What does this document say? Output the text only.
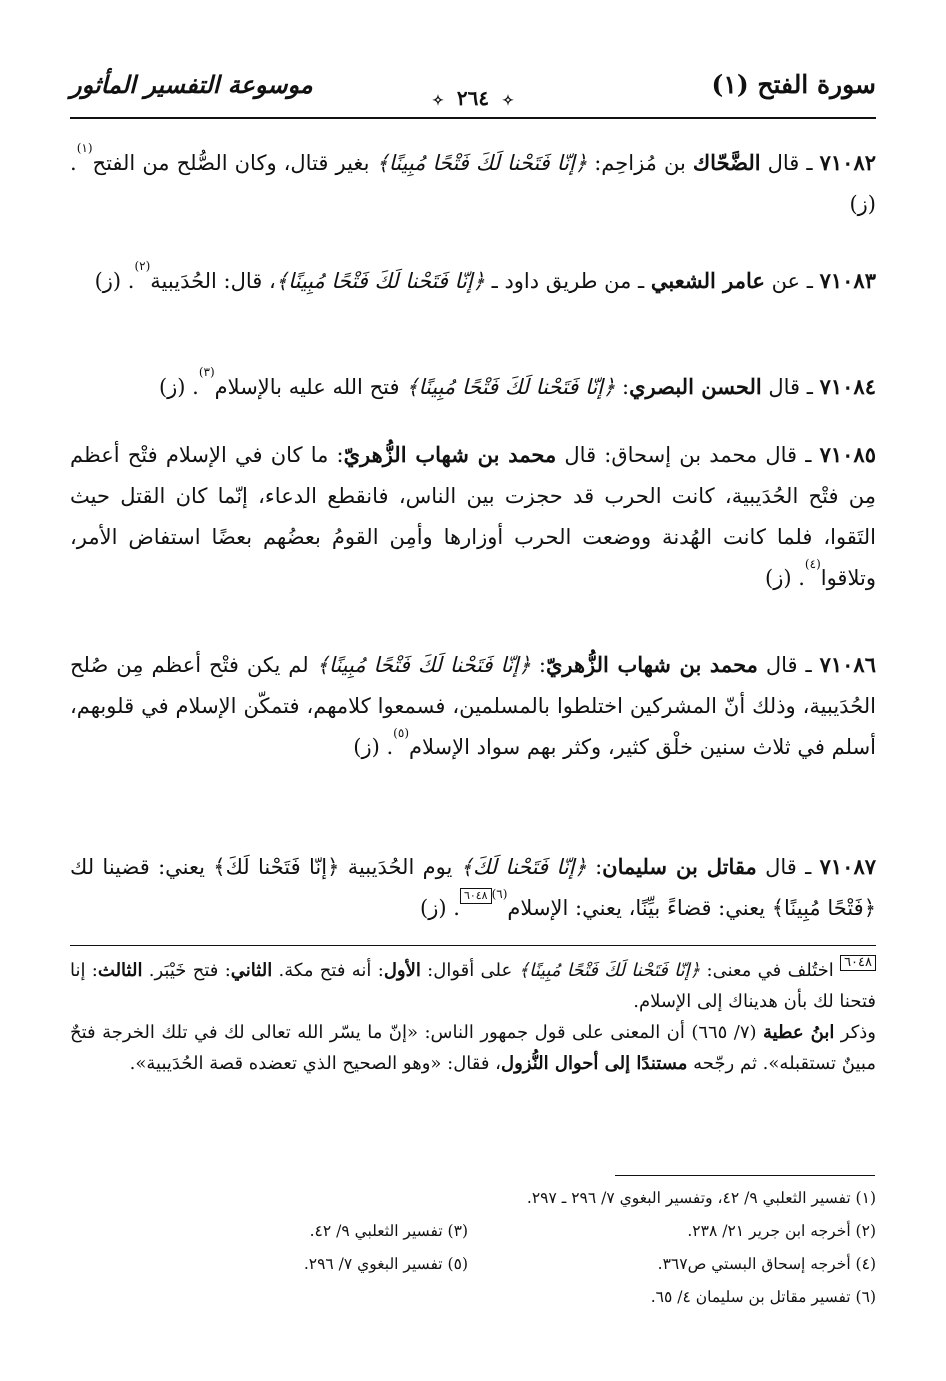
سورة الفتح (١)
✧ ٢٦٤ ✧
موسوعة التفسير المأثور
٧١٠٨٢ ـ قال الضَّحّاك بن مُزاحِم: ﴿إنّا فَتَحْنا لَكَ فَتْحًا مُبِينًا﴾ بغير قتال، وكان الصُّلح من الفتح$^{(١)}$. (ز)
٧١٠٨٣ ـ عن عامر الشعبي ـ من طريق داود ـ ﴿إنّا فَتَحْنا لَكَ فَتْحًا مُبِينًا﴾، قال: الحُدَيبية$^{(٢)}$. (ز)
٧١٠٨٤ ـ قال الحسن البصري: ﴿إنّا فَتَحْنا لَكَ فَتْحًا مُبِينًا﴾ فتح الله عليه بالإسلام$^{(٣)}$. (ز)
٧١٠٨٥ ـ قال محمد بن إسحاق: قال محمد بن شهاب الزُّهريّ: ما كان في الإسلام فتْح أعظم مِن فتْح الحُدَيبية، كانت الحرب قد حجزت بين الناس، فانقطع الدعاء، إنّما كان القتل حيث التَقوا، فلما كانت الهُدنة ووضعت الحرب أوزارها وأمِن القومُ بعضُهم بعضًا استفاض الأمر، وتلاقوا$^{(٤)}$. (ز)
٧١٠٨٦ ـ قال محمد بن شهاب الزُّهريّ: ﴿إنّا فَتَحْنا لَكَ فَتْحًا مُبِينًا﴾ لم يكن فتْح أعظم مِن صُلح الحُدَيبية، وذلك أنّ المشركين اختلطوا بالمسلمين، فسمعوا كلامهم، فتمكّن الإسلام في قلوبهم، أسلم في ثلاث سنين خلْق كثير، وكثر بهم سواد الإسلام$^{(٥)}$. (ز)
٧١٠٨٧ ـ قال مقاتل بن سليمان: ﴿إنّا فَتَحْنا لَكَ﴾ يوم الحُدَيبية ﴿إنّا فَتَحْنا لَكَ﴾ يعني: قضينا لك ﴿فَتْحًا مُبِينًا﴾ يعني: قضاءً بيِّنًا، يعني: الإسلام$^{(٦)}$٦٠٤٨. (ز)
٦٠٤٨ اختُلف في معنى: ﴿إنّا فَتَحْنا لَكَ فَتْحًا مُبِينًا﴾ على أقوال: الأول: أنه فتح مكة. الثاني: فتح خَيْبَر. الثالث: إنا فتحنا لك بأن هديناك إلى الإسلام.
وذكر ابنُ عطية (٧/ ٦٦٥) أن المعنى على قول جمهور الناس: «إنّ ما يسّر الله تعالى لك في تلك الخرجة فتحٌ مبينٌ تستقبله». ثم رجّحه مستندًا إلى أحوال النُّزول، فقال: «وهو الصحيح الذي تعضده قصة الحُدَيبية».
(١) تفسير الثعلبي ٩/ ٤٢، وتفسير البغوي ٧/ ٢٩٦ ـ ٢٩٧.
(٢) أخرجه ابن جرير ٢١/ ٢٣٨.
(٣) تفسير الثعلبي ٩/ ٤٢.
(٤) أخرجه إسحاق البستي ص٣٦٧.
(٥) تفسير البغوي ٧/ ٢٩٦.
(٦) تفسير مقاتل بن سليمان ٤/ ٦٥.
